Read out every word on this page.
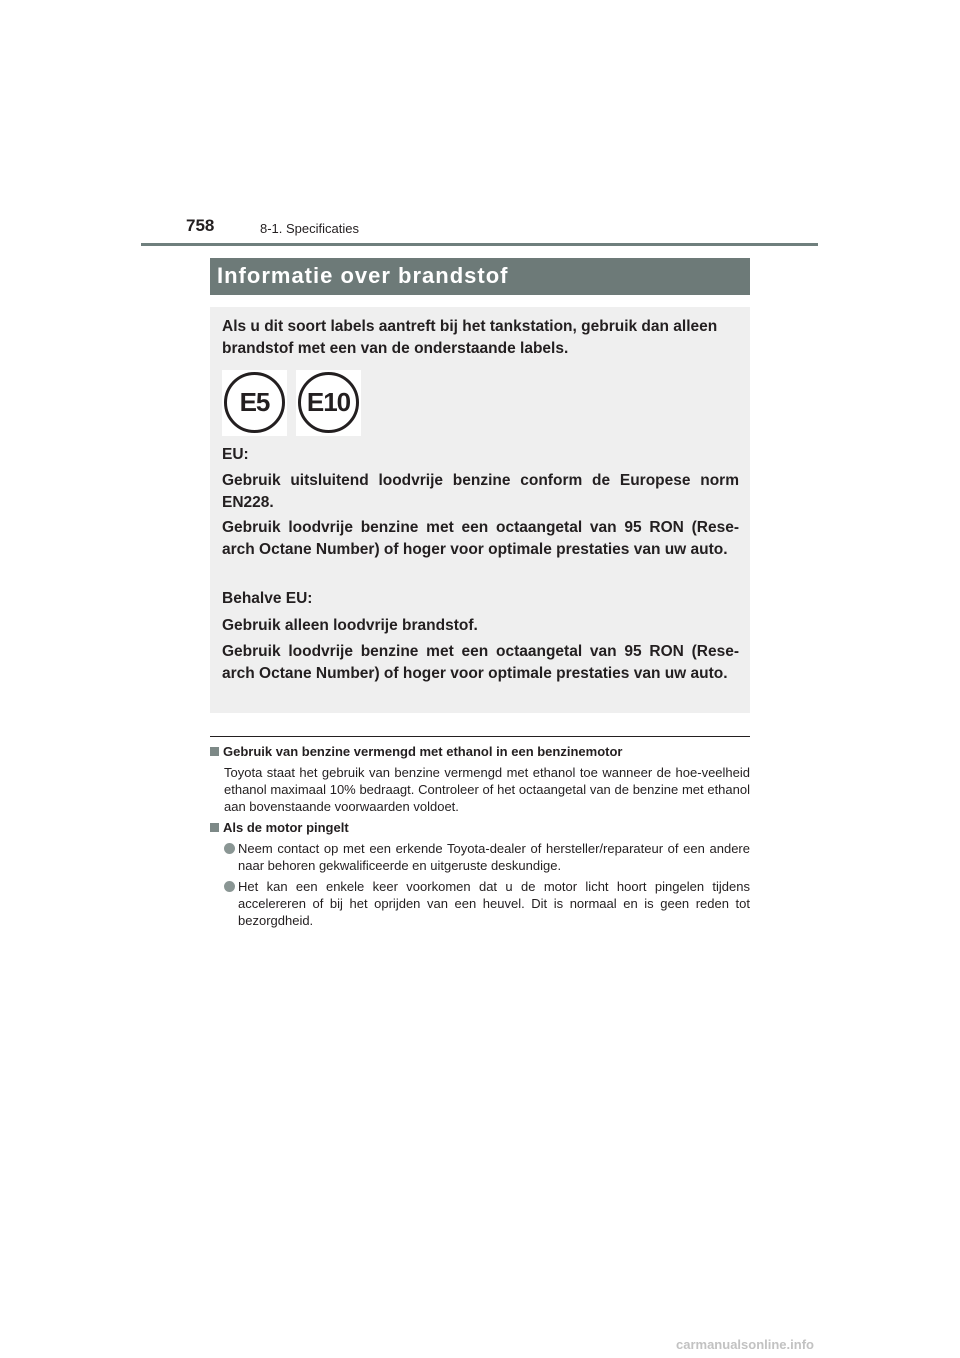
758	8-1. Specificaties
Informatie over brandstof

Als u dit soort labels aantreft bij het tankstation, gebruik dan alleen brandstof met een van de onderstaande labels.

E5	E10

EU:

Gebruik uitsluitend loodvrije benzine conform de Europese norm EN228.

Gebruik loodvrije benzine met een octaangetal van 95 RON (Rese-arch Octane Number) of hoger voor optimale prestaties van uw auto.

Behalve EU:

Gebruik alleen loodvrije brandstof.

Gebruik loodvrije benzine met een octaangetal van 95 RON (Rese-arch Octane Number) of hoger voor optimale prestaties van uw auto.

Gebruik van benzine vermengd met ethanol in een benzinemotor
Toyota staat het gebruik van benzine vermengd met ethanol toe wanneer de hoe-veelheid ethanol maximaal 10% bedraagt. Controleer of het octaangetal van de benzine met ethanol aan bovenstaande voorwaarden voldoet.
Als de motor pingelt
Neem contact op met een erkende Toyota-dealer of hersteller/reparateur of een andere naar behoren gekwalificeerde en uitgeruste deskundige.
Het kan een enkele keer voorkomen dat u de motor licht hoort pingelen tijdens accelereren of bij het oprijden van een heuvel. Dit is normaal en is geen reden tot bezorgdheid.
carmanualsonline.info
